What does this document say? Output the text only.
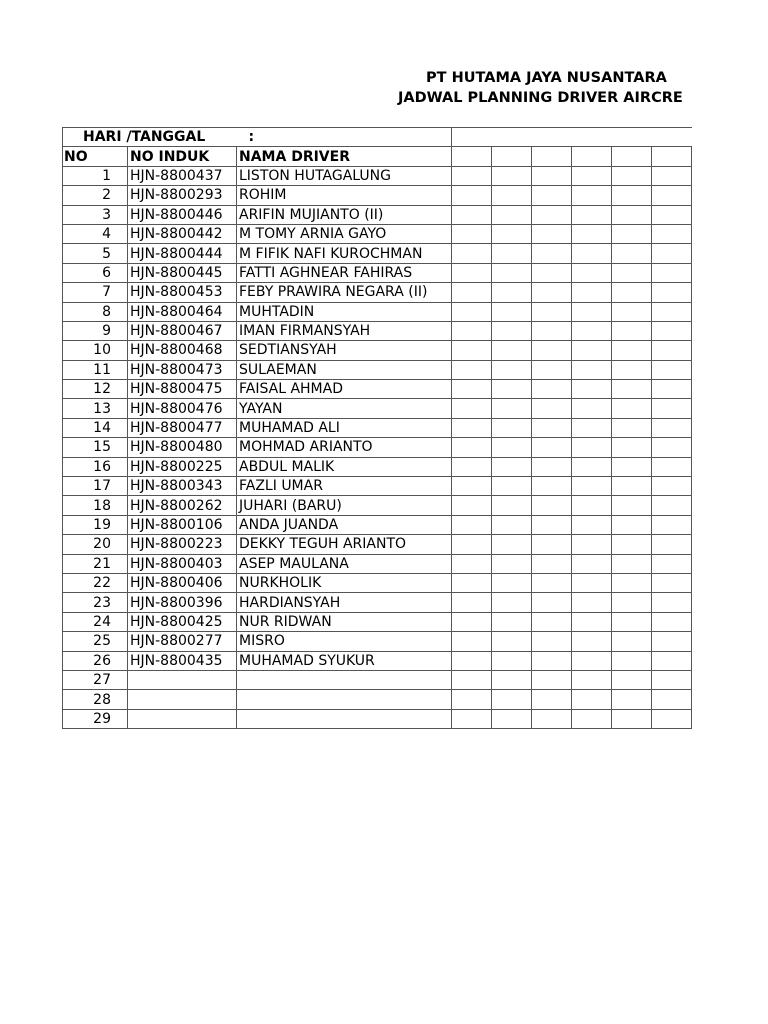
PT HUTAMA JAYA NUSANTARA
JADWAL PLANNING DRIVER AIRCRE
HARI /TANGGAL		:						
NO	NO INDUK	NAMA DRIVER						
1	HJN-8800437	LISTON HUTAGALUNG						
2	HJN-8800293	ROHIM						
3	HJN-8800446	ARIFIN MUJIANTO (II)						
4	HJN-8800442	M TOMY ARNIA GAYO						
5	HJN-8800444	M FIFIK NAFI KUROCHMAN						
6	HJN-8800445	FATTI AGHNEAR FAHIRAS						
7	HJN-8800453	FEBY PRAWIRA NEGARA (II)						
8	HJN-8800464	MUHTADIN						
9	HJN-8800467	IMAN FIRMANSYAH						
10	HJN-8800468	SEDTIANSYAH						
11	HJN-8800473	SULAEMAN						
12	HJN-8800475	FAISAL AHMAD						
13	HJN-8800476	YAYAN						
14	HJN-8800477	MUHAMAD ALI						
15	HJN-8800480	MOHMAD ARIANTO						
16	HJN-8800225	ABDUL MALIK						
17	HJN-8800343	FAZLI UMAR						
18	HJN-8800262	JUHARI (BARU)						
19	HJN-8800106	ANDA JUANDA						
20	HJN-8800223	DEKKY TEGUH ARIANTO						
21	HJN-8800403	ASEP MAULANA						
22	HJN-8800406	NURKHOLIK						
23	HJN-8800396	HARDIANSYAH						
24	HJN-8800425	NUR RIDWAN						
25	HJN-8800277	MISRO						
26	HJN-8800435	MUHAMAD SYUKUR						
27								
28								
29								
